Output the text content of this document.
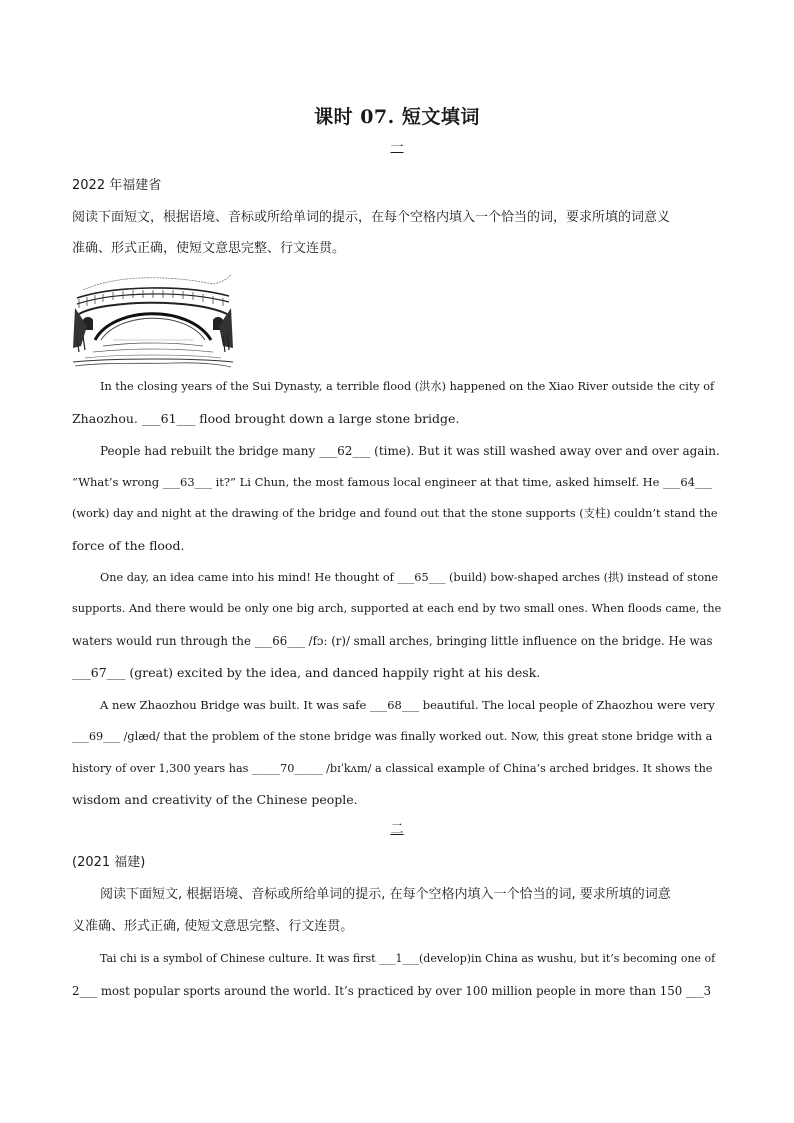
课时 07. 短文填词
一
2022 年福建省
阅读下面短文，根据语境、音标或所给单词的提示，在每个空格内填入一个恰当的词，要求所填的词意义
准确、形式正确，使短文意思完整、行文连贯。
In the closing years of the Sui Dynasty, a terrible flood (洪水) happened on the Xiao River outside the city of
Zhaozhou. ___61___ flood brought down a large stone bridge.
People had rebuilt the bridge many ___62___ (time). But it was still washed away over and over again.
“What’s wrong ___63___ it?” Li Chun, the most famous local engineer at that time, asked himself. He ___64___
(work) day and night at the drawing of the bridge and found out that the stone supports (支柱) couldn’t stand the
force of the flood.
One day, an idea came into his mind! He thought of ___65___ (build) bow-shaped arches (拱) instead of stone
supports. And there would be only one big arch, supported at each end by two small ones. When floods came, the
waters would run through the ___66___ /fɔː (r)/ small arches, bringing little influence on the bridge. He was
___67___ (great) excited by the idea, and danced happily right at his desk.
A new Zhaozhou Bridge was built. It was safe ___68___ beautiful. The local people of Zhaozhou were very
___69___ /glæd/ that the problem of the stone bridge was finally worked out. Now, this great stone bridge with a
history of over 1,300 years has _____70_____ /bɪˈkʌm/ a classical example of China’s arched bridges. It shows the
wisdom and creativity of the Chinese people.
二
(2021 福建)
阅读下面短文, 根据语境、音标或所给单词的提示, 在每个空格内填入一个恰当的词, 要求所填的词意
义准确、形式正确, 使短文意思完整、行文连贯。
Tai chi is a symbol of Chinese culture. It was first ___1___(develop)in China as wushu, but it’s becoming one of
2___ most popular sports around the world. It’s practiced by over 100 million people in more than 150 ___3
